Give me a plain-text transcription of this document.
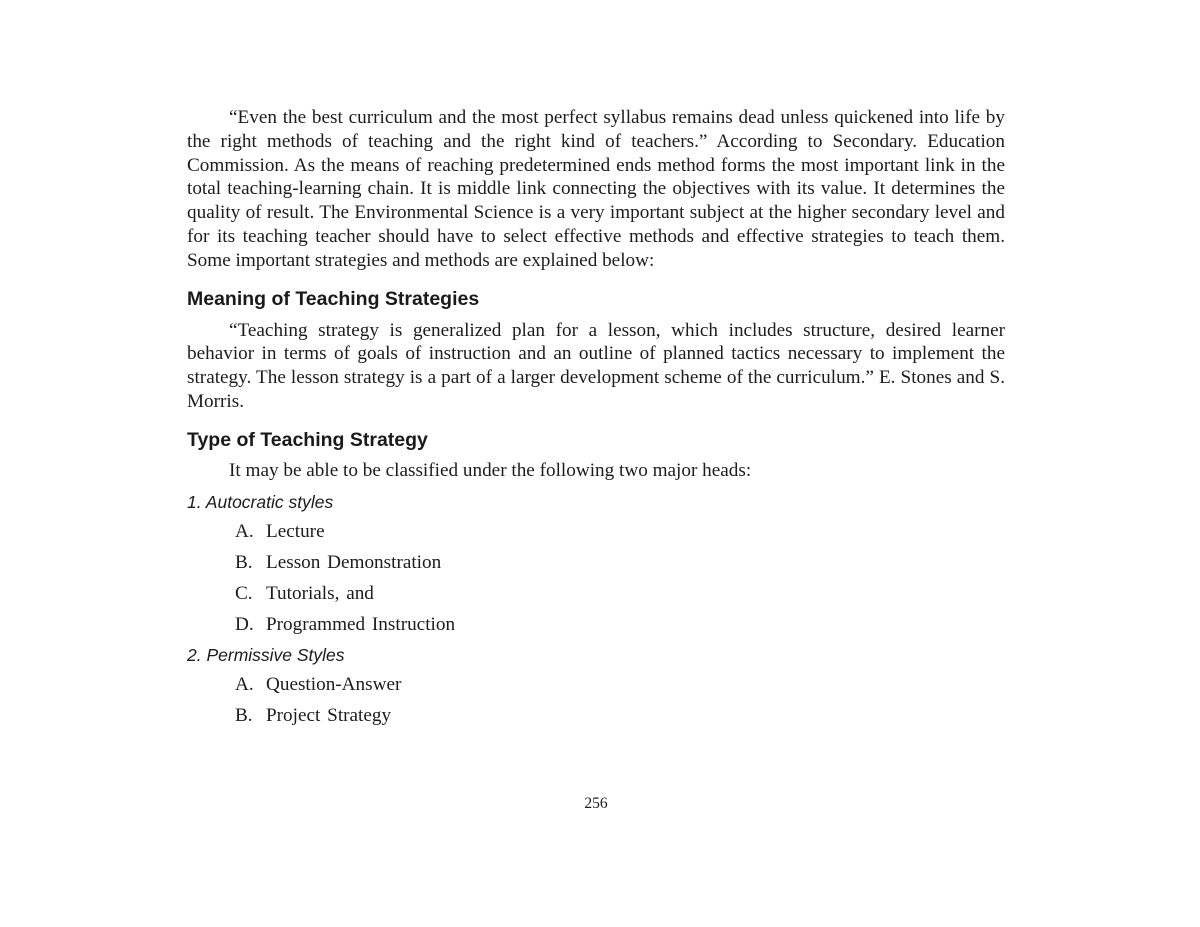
“Even the best curriculum and the most perfect syllabus remains dead unless quickened into life by the right methods of teaching and the right kind of teachers.” According to Secondary. Education Commission. As the means of reaching predetermined ends method forms the most important link in the total teaching-learning chain. It is middle link connecting the objectives with its value. It determines the quality of result. The Environmental Science is a very important subject at the higher secondary level and for its teaching teacher should have to select effective methods and effective strategies to teach them. Some important strategies and methods are explained below:

Meaning of Teaching Strategies

“Teaching strategy is generalized plan for a lesson, which includes structure, desired learner behavior in terms of goals of instruction and an outline of planned tactics necessary to implement the strategy. The lesson strategy is a part of a larger development scheme of the curriculum.” E. Stones and S. Morris.

Type of Teaching Strategy

It may be able to be classified under the following two major heads:

1. Autocratic styles

A. Lecture
B. Lesson Demonstration
C. Tutorials, and
D. Programmed Instruction

2. Permissive Styles

A. Question-Answer
B. Project Strategy
256
